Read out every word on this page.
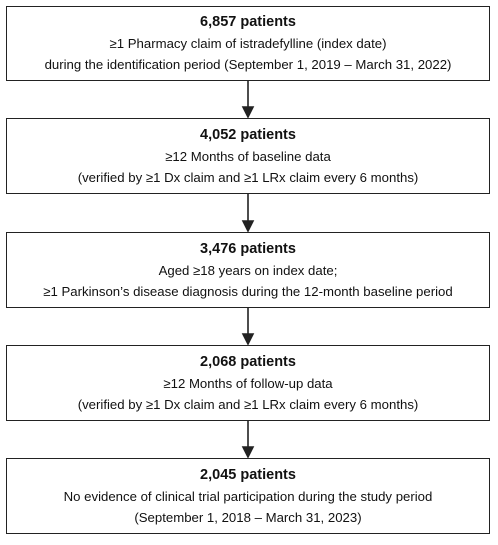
6,857 patients
≥1 Pharmacy claim of istradefylline (index date)
during the identification period (September 1, 2019 – March 31, 2022)
4,052 patients
≥12 Months of baseline data
(verified by ≥1 Dx claim and ≥1 LRx claim every 6 months)
3,476 patients
Aged ≥18 years on index date;
≥1 Parkinson’s disease diagnosis during the 12-month baseline period
2,068 patients
≥12 Months of follow-up data
(verified by ≥1 Dx claim and ≥1 LRx claim every 6 months)
2,045 patients
No evidence of clinical trial participation during the study period
(September 1, 2018 – March 31, 2023)
